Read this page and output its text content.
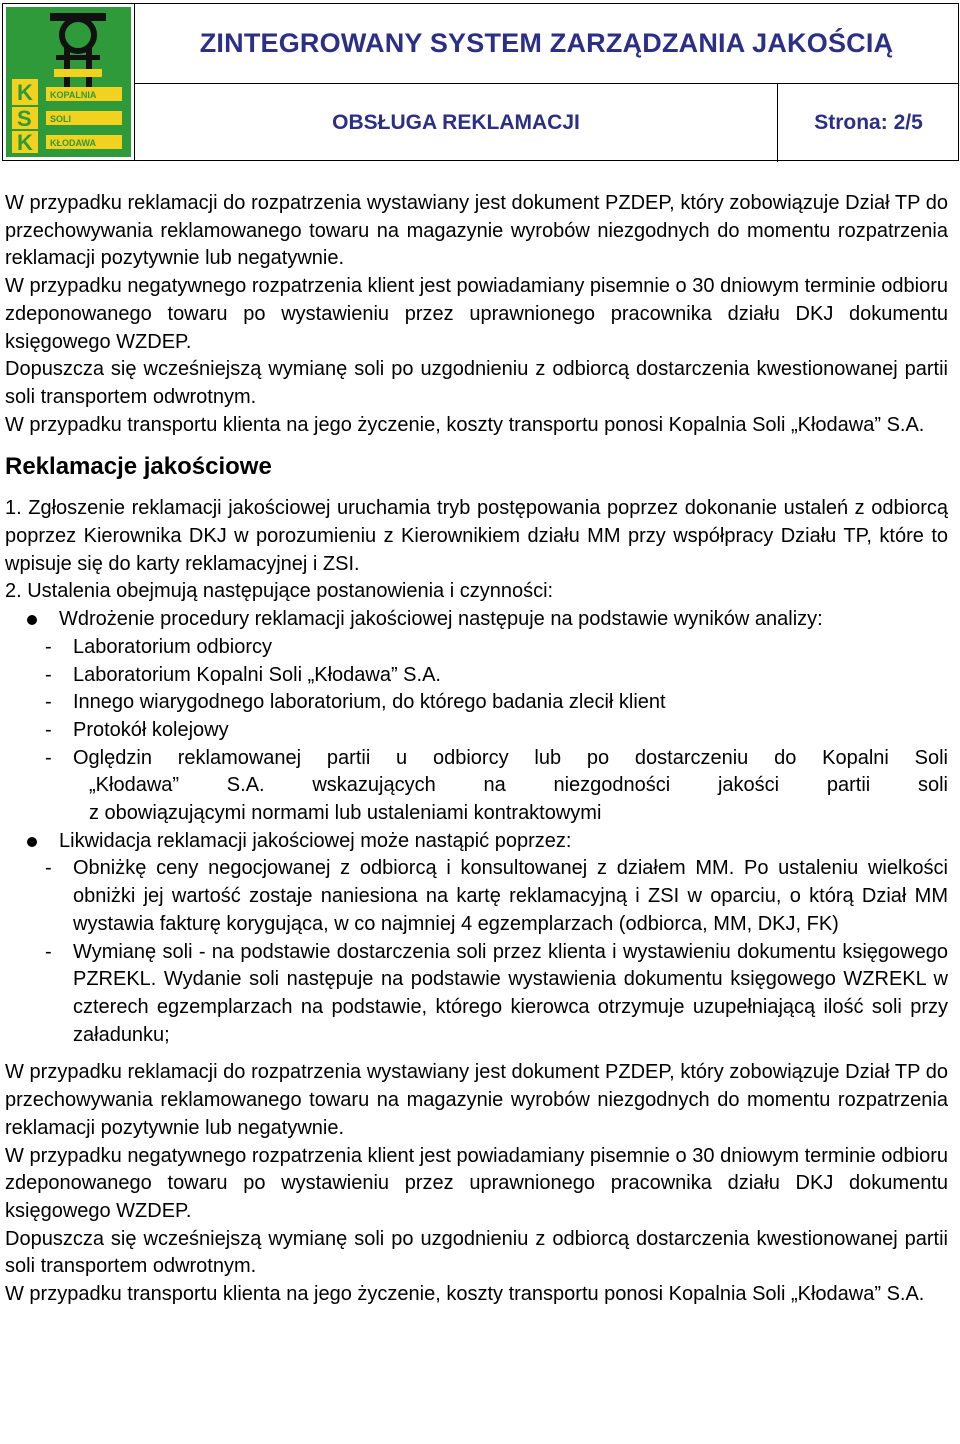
K
S
K
KOPALNIA
SOLI
KŁODAWA
ZINTEGROWANY SYSTEM ZARZĄDZANIA JAKOŚCIĄ
OBSŁUGA REKLAMACJI	Strona: 2/5

W przypadku reklamacji do rozpatrzenia wystawiany jest dokument PZDEP, który zobowiązuje Dział TP do przechowywania reklamowanego towaru na magazynie wyrobów niezgodnych do momentu rozpatrzenia reklamacji pozytywnie lub negatywnie.

W przypadku negatywnego rozpatrzenia klient jest powiadamiany pisemnie o 30 dniowym terminie odbioru zdeponowanego towaru po wystawieniu przez uprawnionego pracownika działu DKJ dokumentu księgowego WZDEP.

Dopuszcza się wcześniejszą wymianę soli po uzgodnieniu z odbiorcą dostarczenia kwestionowanej partii soli transportem odwrotnym.

W przypadku transportu klienta na jego życzenie, koszty transportu ponosi Kopalnia Soli „Kłodawa” S.A.

Reklamacje jakościowe

1. Zgłoszenie reklamacji jakościowej uruchamia tryb postępowania poprzez dokonanie ustaleń z odbiorcą poprzez Kierownika DKJ w porozumieniu z Kierownikiem działu MM przy współpracy Działu TP, które to wpisuje się do karty reklamacyjnej i ZSI.

2. Ustalenia obejmują następujące postanowienia i czynności:

Wdrożenie procedury reklamacji jakościowej następuje na podstawie wyników analizy:

- Laboratorium odbiorcy

- Laboratorium Kopalni Soli „Kłodawa” S.A.

- Innego wiarygodnego laboratorium, do którego badania zlecił klient

- Protokół kolejowy

- Oględzin reklamowanej partii u odbiorcy lub po dostarczeniu do Kopalni Soli
„Kłodawa” S.A. wskazujących na niezgodności jakości partii soli
z obowiązującymi normami lub ustaleniami kontraktowymi

Likwidacja reklamacji jakościowej może nastąpić poprzez:

- Obniżkę ceny negocjowanej z odbiorcą i konsultowanej z działem MM. Po ustaleniu wielkości obniżki jej wartość zostaje naniesiona na kartę reklamacyjną i ZSI w oparciu, o którą Dział MM wystawia fakturę korygująca, w co najmniej 4 egzemplarzach (odbiorca, MM, DKJ, FK)

- Wymianę soli - na podstawie dostarczenia soli przez klienta i wystawieniu dokumentu księgowego PZREKL. Wydanie soli następuje na podstawie wystawienia dokumentu księgowego WZREKL w czterech egzemplarzach na podstawie, którego kierowca otrzymuje uzupełniającą ilość soli przy załadunku;

W przypadku reklamacji do rozpatrzenia wystawiany jest dokument PZDEP, który zobowiązuje Dział TP do przechowywania reklamowanego towaru na magazynie wyrobów niezgodnych do momentu rozpatrzenia reklamacji pozytywnie lub negatywnie.

W przypadku negatywnego rozpatrzenia klient jest powiadamiany pisemnie o 30 dniowym terminie odbioru zdeponowanego towaru po wystawieniu przez uprawnionego pracownika działu DKJ dokumentu księgowego WZDEP.

Dopuszcza się wcześniejszą wymianę soli po uzgodnieniu z odbiorcą dostarczenia kwestionowanej partii soli transportem odwrotnym.

W przypadku transportu klienta na jego życzenie, koszty transportu ponosi Kopalnia Soli „Kłodawa” S.A.
